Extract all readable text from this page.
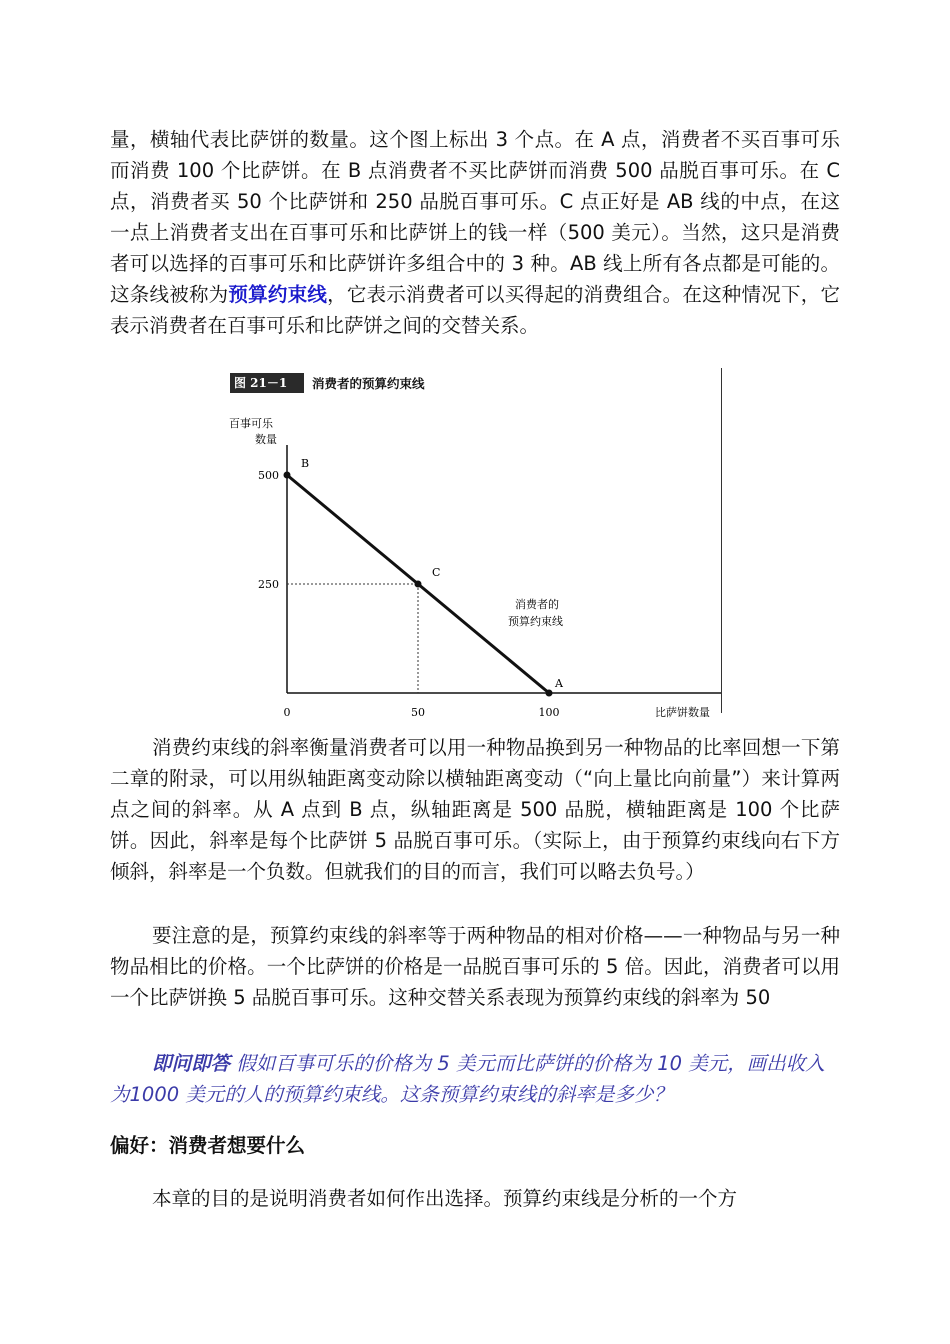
量，横轴代表比萨饼的数量。这个图上标出 3 个点。在 A 点，消费者不买百事可乐而消费 100 个比萨饼。在 B 点消费者不买比萨饼而消费 500 品脱百事可乐。在 C 点，消费者买 50 个比萨饼和 250 品脱百事可乐。C 点正好是 AB 线的中点，在这一点上消费者支出在百事可乐和比萨饼上的钱一样（500 美元）。当然，这只是消费者可以选择的百事可乐和比萨饼许多组合中的 3 种。AB 线上所有各点都是可能的。这条线被称为预算约束线，它表示消费者可以买得起的消费组合。在这种情况下，它表示消费者在百事可乐和比萨饼之间的交替关系。

图 21－1	消费者的预算约束线
百事可乐
数量
0	50	100
250
500
B
C
A
消费者的
预算约束线
比萨饼数量

消费约束线的斜率衡量消费者可以用一种物品换到另一种物品的比率回想一下第二章的附录，可以用纵轴距离变动除以横轴距离变动（“向上量比向前量”）来计算两点之间的斜率。从 A 点到 B 点，纵轴距离是 500 品脱，横轴距离是 100 个比萨饼。因此，斜率是每个比萨饼 5 品脱百事可乐。（实际上，由于预算约束线向右下方倾斜，斜率是一个负数。但就我们的目的而言，我们可以略去负号。）

要注意的是，预算约束线的斜率等于两种物品的相对价格——一种物品与另一种物品相比的价格。一个比萨饼的价格是一品脱百事可乐的 5 倍。因此，消费者可以用一个比萨饼换 5 品脱百事可乐。这种交替关系表现为预算约束线的斜率为 50

即问即答 假如百事可乐的价格为 5 美元而比萨饼的价格为 10 美元，画出收入为1000 美元的人的预算约束线。这条预算约束线的斜率是多少？

偏好：消费者想要什么

本章的目的是说明消费者如何作出选择。预算约束线是分析的一个方
